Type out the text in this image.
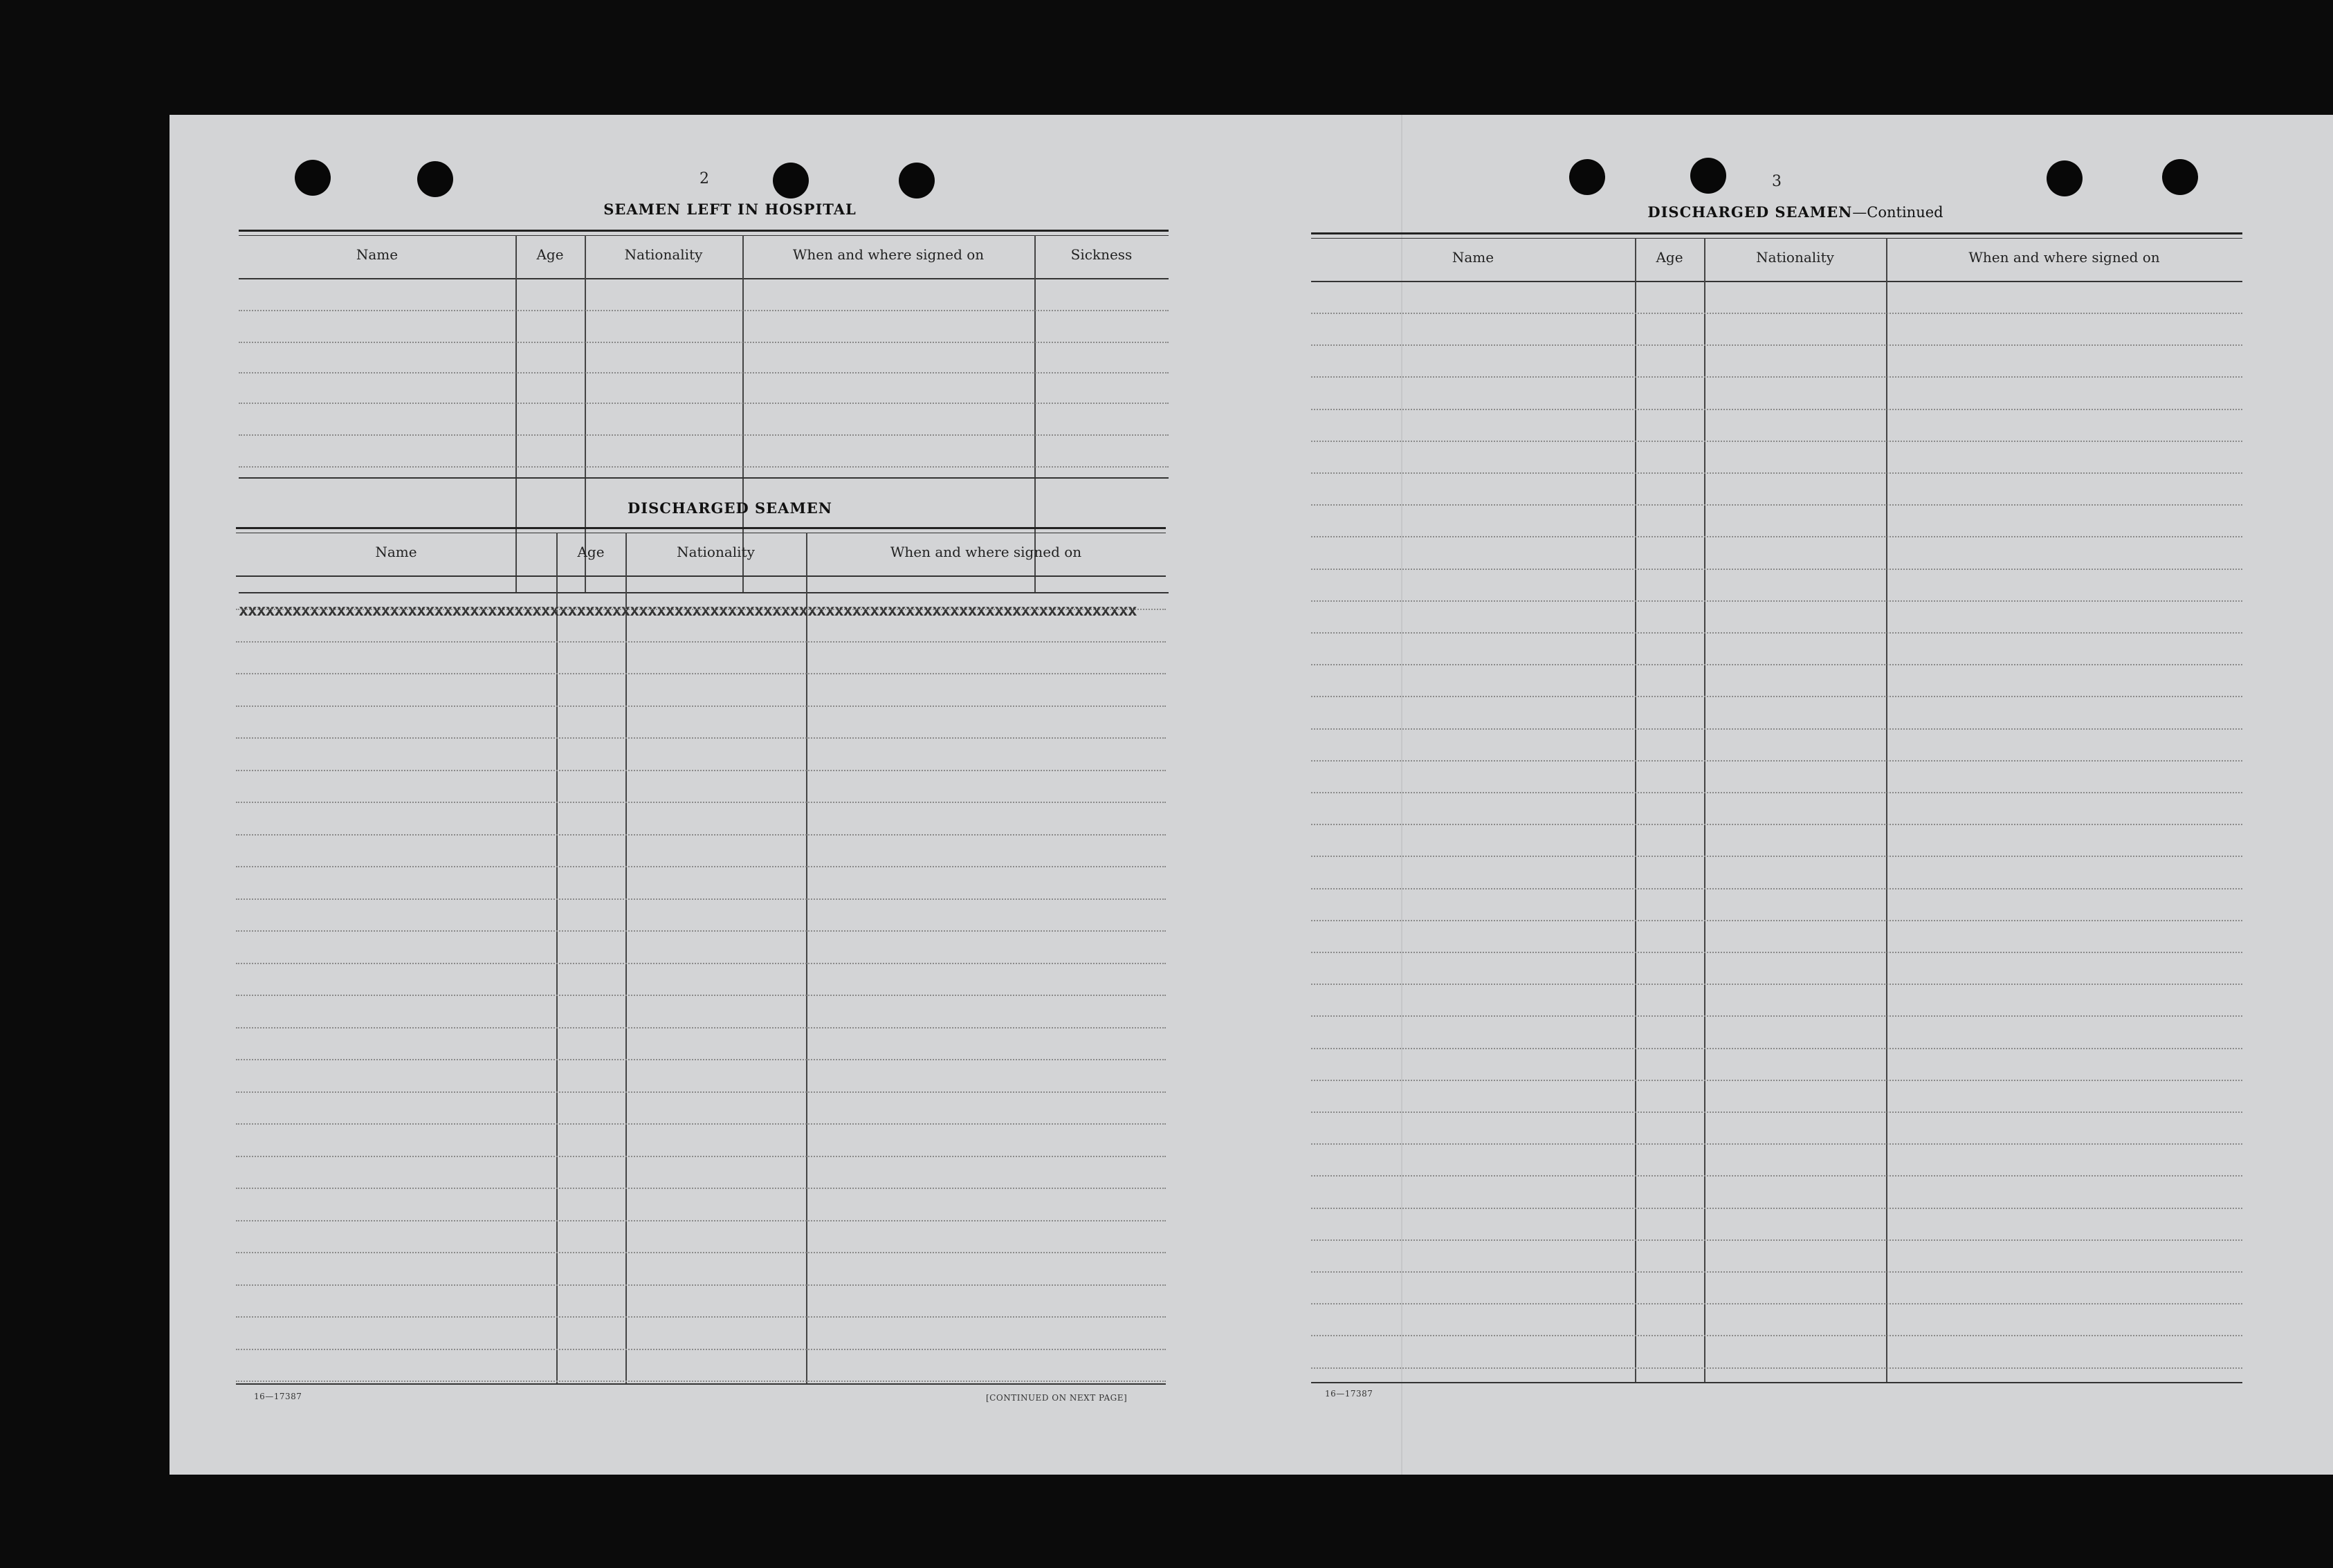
2
SEAMEN LEFT IN HOSPITAL
Name	Age	Nationality	When and where signed on	Sickness
DISCHARGED SEAMEN
Name	Age	Nationality	When and where signed on
xxxxxxxxxxxxxxxxxxxxxxxxxxxxxxxxxxxxxxxxxxxxxxxxxxxxxxxxxxxxxxxxxxxxxxxxxxxxxxxxxxxxxxxxxxxxxxxxxxxxx
16—17387	[CONTINUED ON NEXT PAGE]
3
DISCHARGED SEAMEN—Continued
Name	Age	Nationality	When and where signed on
16—17387
